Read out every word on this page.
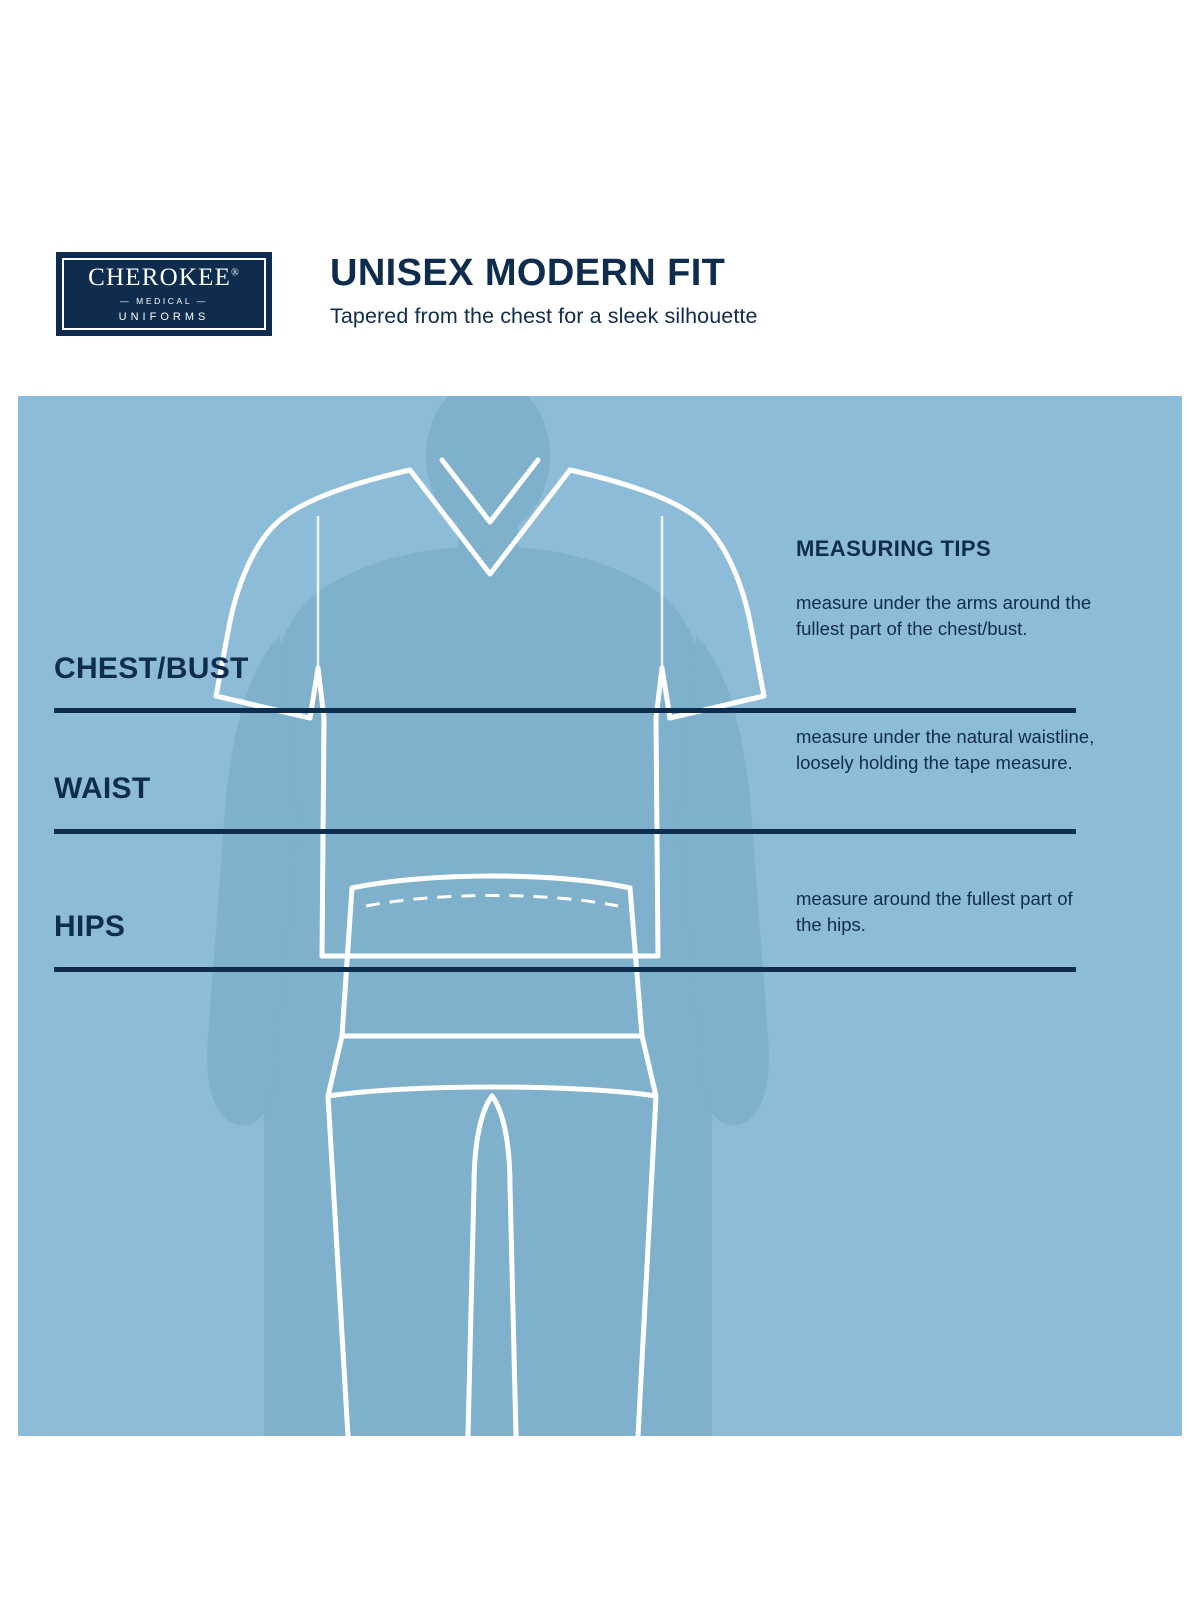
CHEROKEE®
— MEDICAL —
UNIFORMS
UNISEX MODERN FIT

Tapered from the chest for a sleek silhouette

CHEST/BUST
WAIST
HIPS

MEASURING TIPS

measure under the arms around the fullest part of the chest/bust.
measure under the natural waistline, loosely holding the tape measure.
measure around the fullest part of the hips.
